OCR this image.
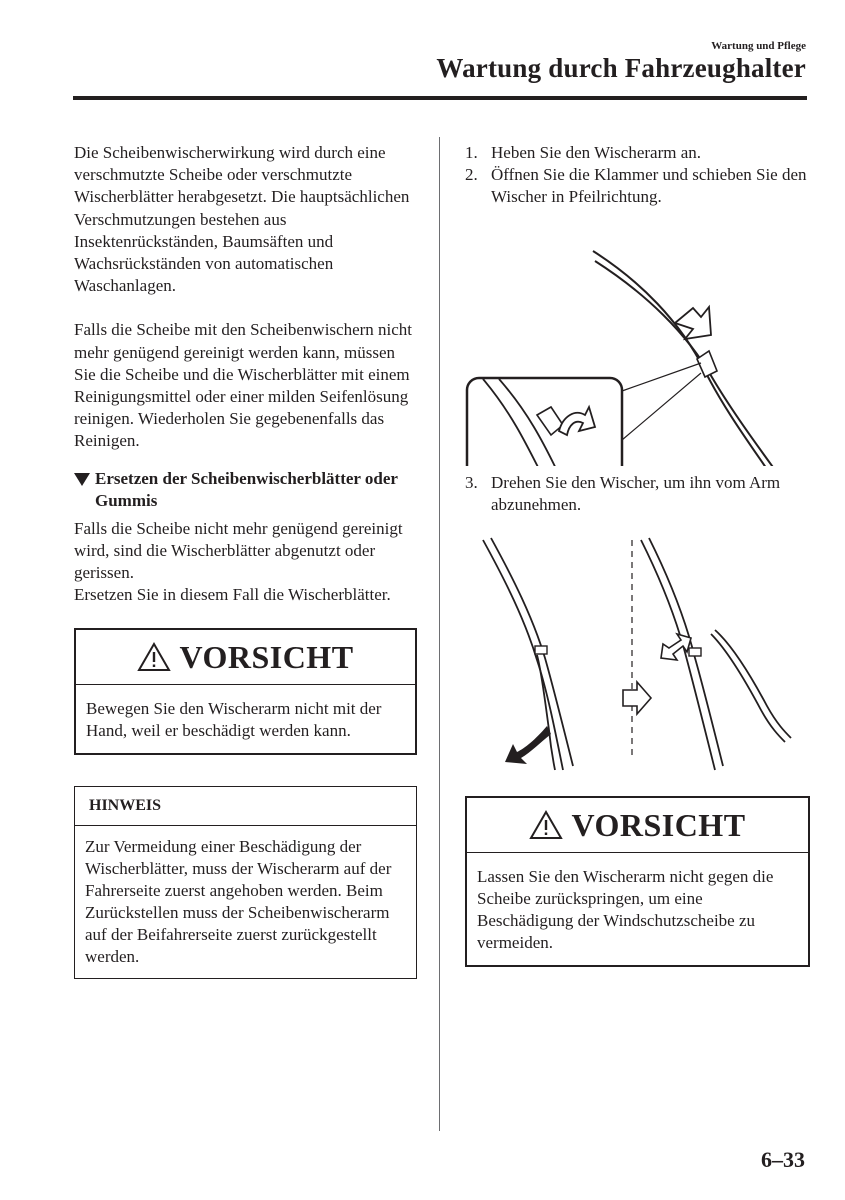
Wartung und Pflege
Wartung durch Fahrzeughalter

Die Scheibenwischerwirkung wird durch eine verschmutzte Scheibe oder verschmutzte Wischerblätter herabgesetzt. Die hauptsächlichen Verschmutzungen bestehen aus Insektenrückständen, Baumsäften und Wachsrückständen von automatischen Waschanlagen.

Falls die Scheibe mit den Scheibenwischern nicht mehr genügend gereinigt werden kann, müssen Sie die Scheibe und die Wischerblätter mit einem Reinigungsmittel oder einer milden Seifenlösung reinigen. Wiederholen Sie gegebenenfalls das Reinigen.

Ersetzen der Scheibenwischerblätter oder Gummis

Falls die Scheibe nicht mehr genügend gereinigt wird, sind die Wischerblätter abgenutzt oder gerissen.

Ersetzen Sie in diesem Fall die Wischerblätter.

VORSICHT
Bewegen Sie den Wischerarm nicht mit der Hand, weil er beschädigt werden kann.
HINWEIS
Zur Vermeidung einer Beschädigung der Wischerblätter, muss der Wischerarm auf der Fahrerseite zuerst angehoben werden. Beim Zurückstellen muss der Scheibenwischerarm auf der Beifahrerseite zuerst zurückgestellt werden.
1. Heben Sie den Wischerarm an.
2. Öffnen Sie die Klammer und schieben Sie den Wischer in Pfeilrichtung.
3. Drehen Sie den Wischer, um ihn vom Arm abzunehmen.
VORSICHT
Lassen Sie den Wischerarm nicht gegen die Scheibe zurückspringen, um eine Beschädigung der Windschutzscheibe zu vermeiden.
6–33
